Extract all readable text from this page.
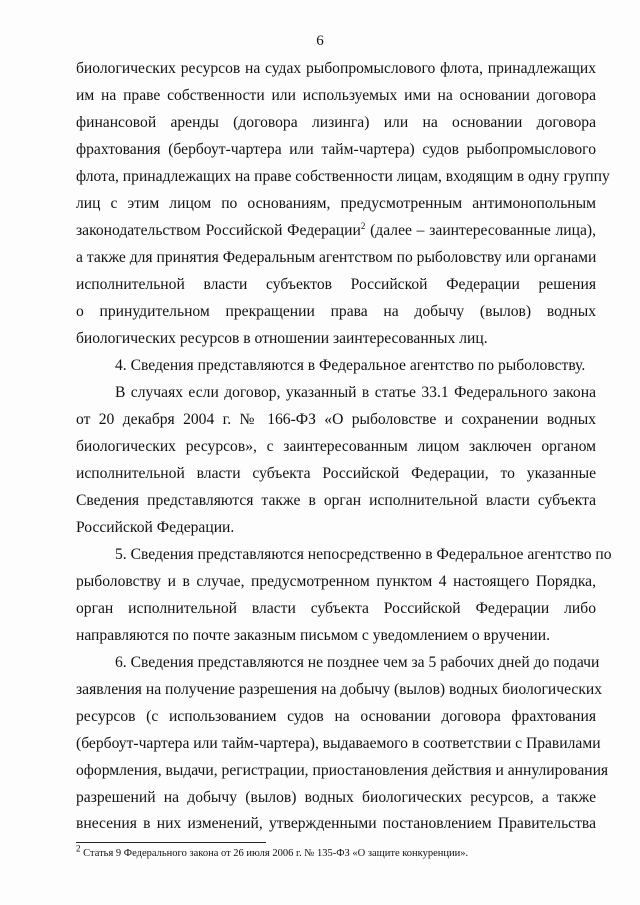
6
биологических ресурсов на судах рыбопромыслового флота, принадлежащих
им на праве собственности или используемых ими на основании договора
финансовой аренды (договора лизинга) или на основании договора
фрахтования (бербоут-чартера или тайм-чартера) судов рыбопромыслового
флота, принадлежащих на праве собственности лицам, входящим в одну группу
лиц с этим лицом по основаниям, предусмотренным антимонопольным
законодательством Российской Федерации$^2$ (далее – заинтересованные лица),
а также для принятия Федеральным агентством по рыболовству или органами
исполнительной власти субъектов Российской Федерации решения
о принудительном прекращении права на добычу (вылов) водных
биологических ресурсов в отношении заинтересованных лиц.
4. Сведения представляются в Федеральное агентство по рыболовству.
В случаях если договор, указанный в статье 33.1 Федерального закона
от 20 декабря 2004 г. № 166-ФЗ «О рыболовстве и сохранении водных
биологических ресурсов», с заинтересованным лицом заключен органом
исполнительной власти субъекта Российской Федерации, то указанные
Сведения представляются также в орган исполнительной власти субъекта
Российской Федерации.
5. Сведения представляются непосредственно в Федеральное агентство по
рыболовству и в случае, предусмотренном пунктом 4 настоящего Порядка,
орган исполнительной власти субъекта Российской Федерации либо
направляются по почте заказным письмом с уведомлением о вручении.
6. Сведения представляются не позднее чем за 5 рабочих дней до подачи
заявления на получение разрешения на добычу (вылов) водных биологических
ресурсов (с использованием судов на основании договора фрахтования
(бербоут-чартера или тайм-чартера), выдаваемого в соответствии с Правилами
оформления, выдачи, регистрации, приостановления действия и аннулирования
разрешений на добычу (вылов) водных биологических ресурсов, а также
внесения в них изменений, утвержденными постановлением Правительства
$^2$ Статья 9 Федерального закона от 26 июля 2006 г. № 135-ФЗ «О защите конкуренции».
